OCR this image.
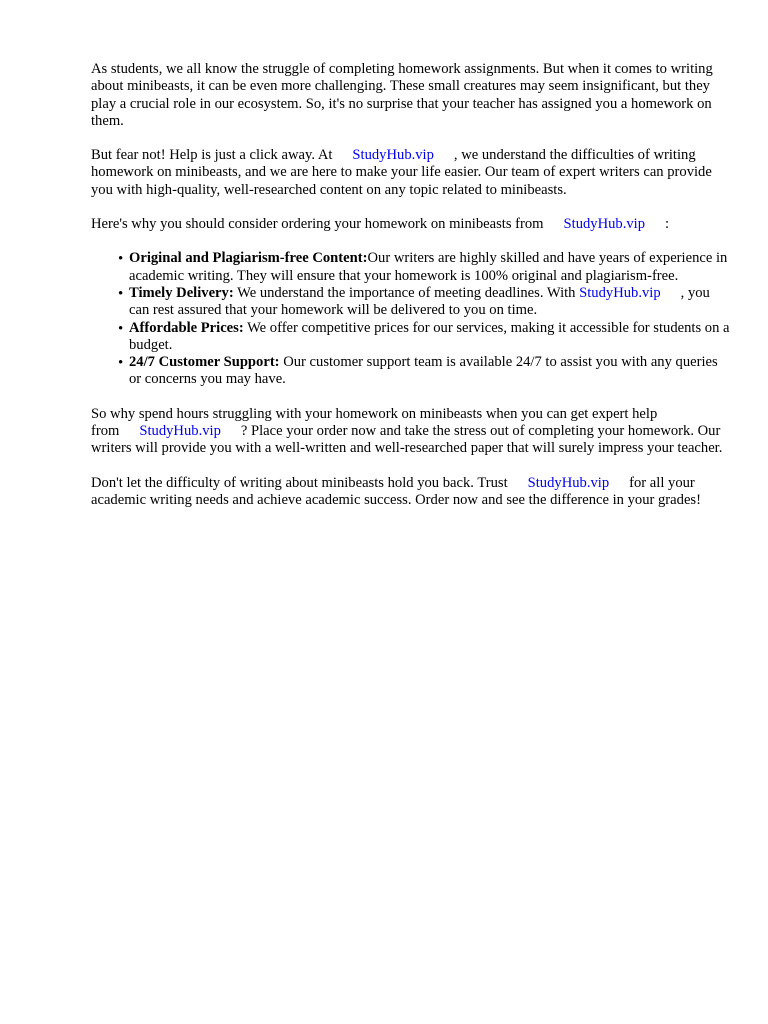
As students, we all know the struggle of completing homework assignments. But when it comes to writing about minibeasts, it can be even more challenging. These small creatures may seem insignificant, but they play a crucial role in our ecosystem. So, it's no surprise that your teacher has assigned you a homework on them.

But fear not! Help is just a click away. At StudyHub.vip , we understand the difficulties of writing homework on minibeasts, and we are here to make your life easier. Our team of expert writers can provide you with high-quality, well-researched content on any topic related to minibeasts.

Here's why you should consider ordering your homework on minibeasts from StudyHub.vip :

• Original and Plagiarism-free Content:Our writers are highly skilled and have years of experience in academic writing. They will ensure that your homework is 100% original and plagiarism-free.
• Timely Delivery: We understand the importance of meeting deadlines. With StudyHub.vip , you can rest assured that your homework will be delivered to you on time.
• Affordable Prices: We offer competitive prices for our services, making it accessible for students on a budget.
• 24/7 Customer Support: Our customer support team is available 24/7 to assist you with any queries or concerns you may have.

So why spend hours struggling with your homework on minibeasts when you can get expert help from StudyHub.vip ? Place your order now and take the stress out of completing your homework. Our writers will provide you with a well-written and well-researched paper that will surely impress your teacher.

Don't let the difficulty of writing about minibeasts hold you back. Trust StudyHub.vip for all your academic writing needs and achieve academic success. Order now and see the difference in your grades!
